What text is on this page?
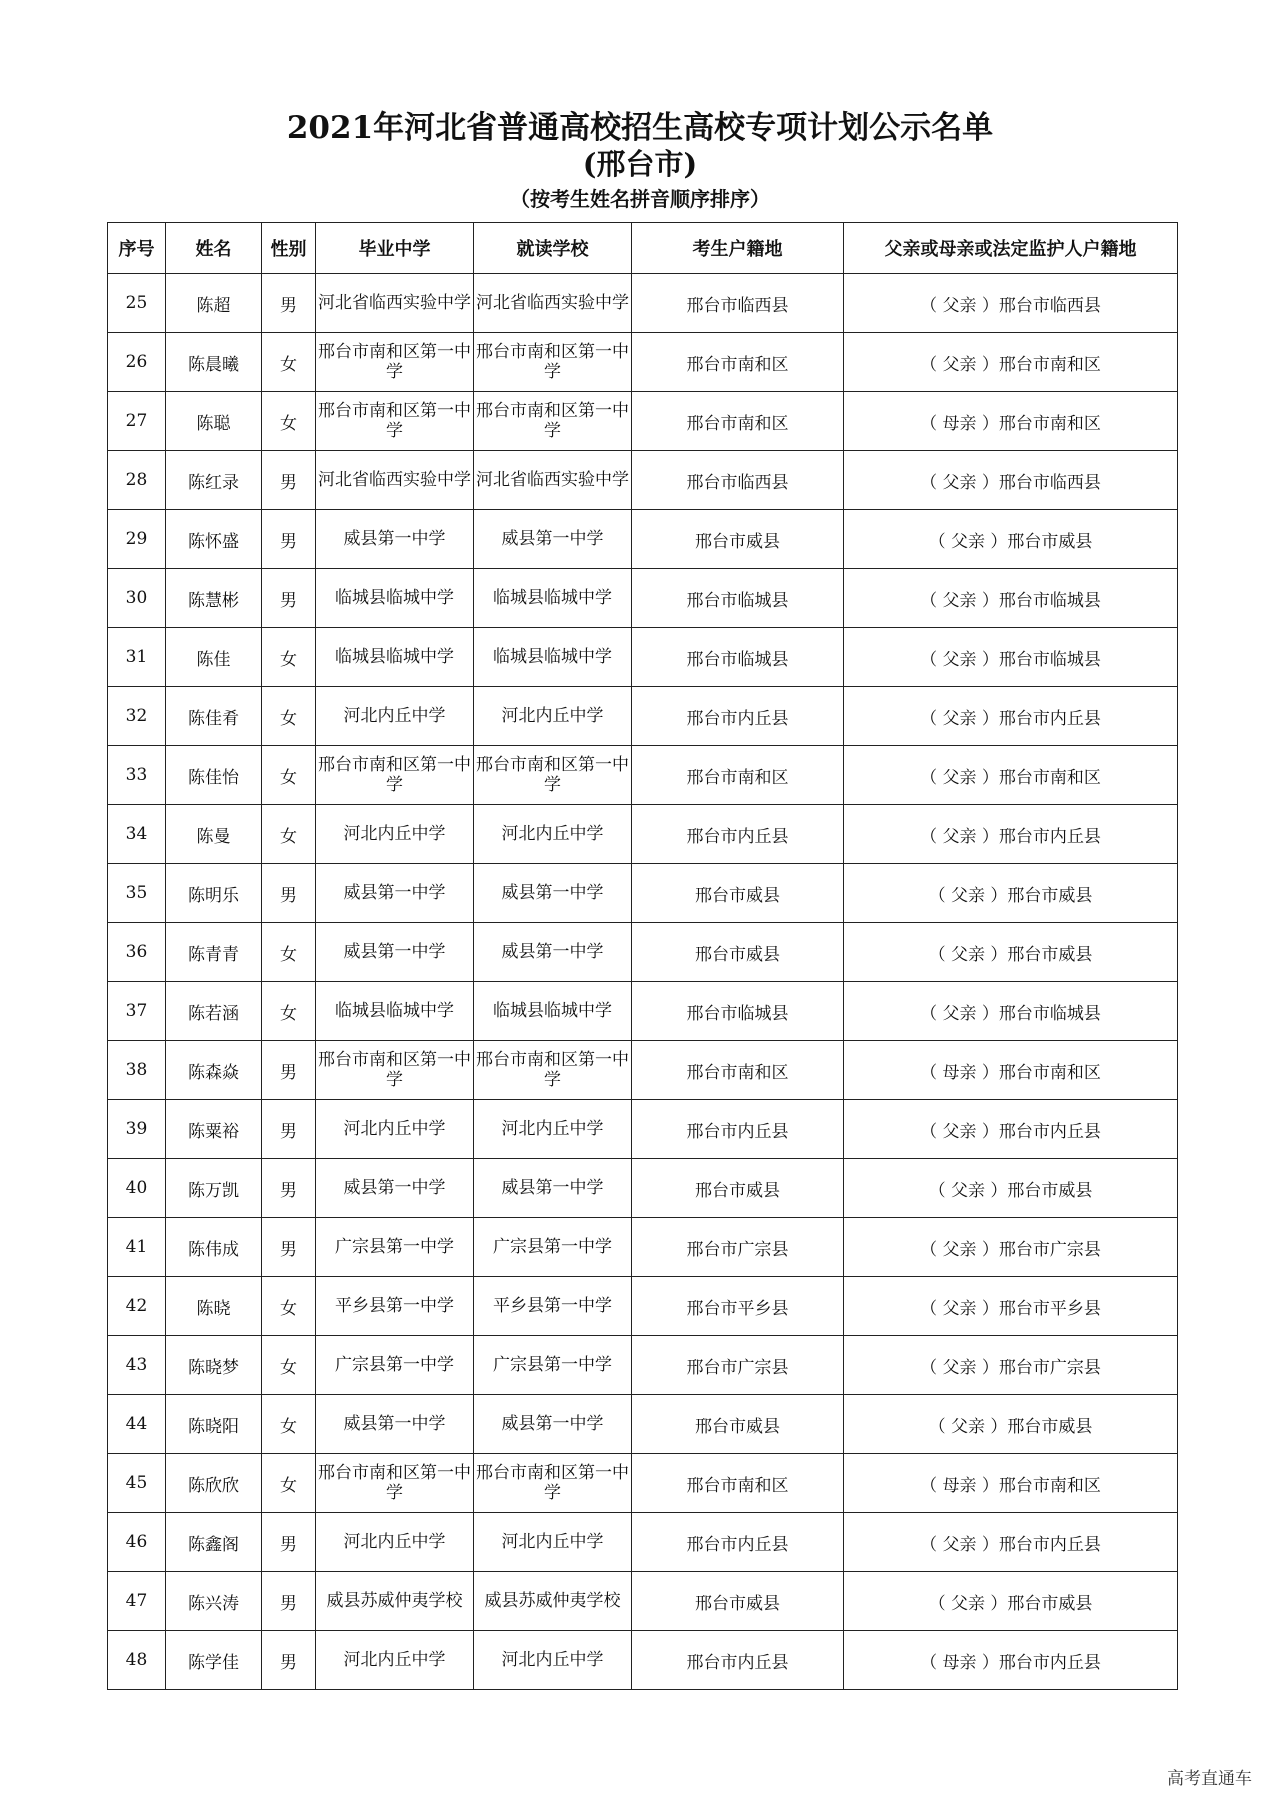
2021年河北省普通高校招生高校专项计划公示名单
(邢台市)
（按考生姓名拼音顺序排序）
序号	姓名	性别	毕业中学	就读学校	考生户籍地	父亲或母亲或法定监护人户籍地
25	陈超	男	河北省临西实验中学	河北省临西实验中学	邢台市临西县	（ 父亲 ）邢台市临西县
26	陈晨曦	女	邢台市南和区第一中学	邢台市南和区第一中学	邢台市南和区	（ 父亲 ）邢台市南和区
27	陈聪	女	邢台市南和区第一中学	邢台市南和区第一中学	邢台市南和区	（ 母亲 ）邢台市南和区
28	陈红录	男	河北省临西实验中学	河北省临西实验中学	邢台市临西县	（ 父亲 ）邢台市临西县
29	陈怀盛	男	威县第一中学	威县第一中学	邢台市威县	（ 父亲 ）邢台市威县
30	陈慧彬	男	临城县临城中学	临城县临城中学	邢台市临城县	（ 父亲 ）邢台市临城县
31	陈佳	女	临城县临城中学	临城县临城中学	邢台市临城县	（ 父亲 ）邢台市临城县
32	陈佳肴	女	河北内丘中学	河北内丘中学	邢台市内丘县	（ 父亲 ）邢台市内丘县
33	陈佳怡	女	邢台市南和区第一中学	邢台市南和区第一中学	邢台市南和区	（ 父亲 ）邢台市南和区
34	陈曼	女	河北内丘中学	河北内丘中学	邢台市内丘县	（ 父亲 ）邢台市内丘县
35	陈明乐	男	威县第一中学	威县第一中学	邢台市威县	（ 父亲 ）邢台市威县
36	陈青青	女	威县第一中学	威县第一中学	邢台市威县	（ 父亲 ）邢台市威县
37	陈若涵	女	临城县临城中学	临城县临城中学	邢台市临城县	（ 父亲 ）邢台市临城县
38	陈森焱	男	邢台市南和区第一中学	邢台市南和区第一中学	邢台市南和区	（ 母亲 ）邢台市南和区
39	陈粟裕	男	河北内丘中学	河北内丘中学	邢台市内丘县	（ 父亲 ）邢台市内丘县
40	陈万凯	男	威县第一中学	威县第一中学	邢台市威县	（ 父亲 ）邢台市威县
41	陈伟成	男	广宗县第一中学	广宗县第一中学	邢台市广宗县	（ 父亲 ）邢台市广宗县
42	陈晓	女	平乡县第一中学	平乡县第一中学	邢台市平乡县	（ 父亲 ）邢台市平乡县
43	陈晓梦	女	广宗县第一中学	广宗县第一中学	邢台市广宗县	（ 父亲 ）邢台市广宗县
44	陈晓阳	女	威县第一中学	威县第一中学	邢台市威县	（ 父亲 ）邢台市威县
45	陈欣欣	女	邢台市南和区第一中学	邢台市南和区第一中学	邢台市南和区	（ 母亲 ）邢台市南和区
46	陈鑫阁	男	河北内丘中学	河北内丘中学	邢台市内丘县	（ 父亲 ）邢台市内丘县
47	陈兴涛	男	威县苏威仲夷学校	威县苏威仲夷学校	邢台市威县	（ 父亲 ）邢台市威县
48	陈学佳	男	河北内丘中学	河北内丘中学	邢台市内丘县	（ 母亲 ）邢台市内丘县
高考直通车
